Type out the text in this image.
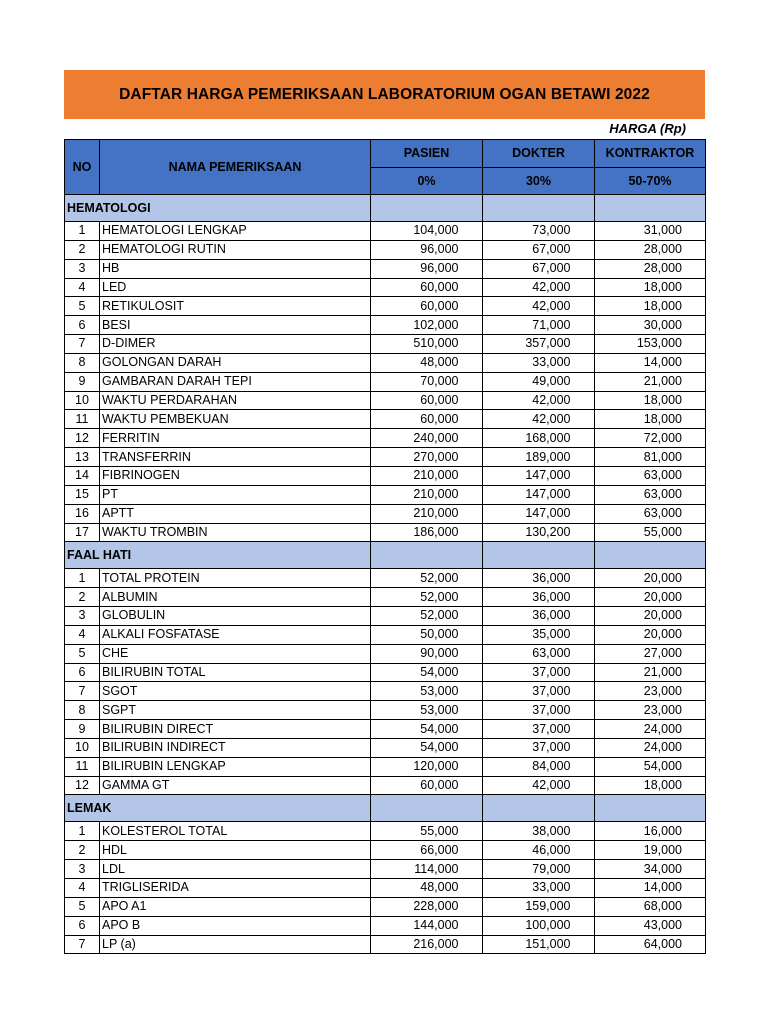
DAFTAR HARGA PEMERIKSAAN LABORATORIUM OGAN BETAWI 2022
HARGA (Rp)
NO	NAMA PEMERIKSAAN	PASIEN	DOKTER	KONTRAKTOR
		0%	30%	50-70%
HEMATOLOGI				
1	HEMATOLOGI LENGKAP	104,000	73,000	31,000
2	HEMATOLOGI RUTIN	96,000	67,000	28,000
3	HB	96,000	67,000	28,000
4	LED	60,000	42,000	18,000
5	RETIKULOSIT	60,000	42,000	18,000
6	BESI	102,000	71,000	30,000
7	D-DIMER	510,000	357,000	153,000
8	GOLONGAN DARAH	48,000	33,000	14,000
9	GAMBARAN DARAH TEPI	70,000	49,000	21,000
10	WAKTU PERDARAHAN	60,000	42,000	18,000
11	WAKTU PEMBEKUAN	60,000	42,000	18,000
12	FERRITIN	240,000	168,000	72,000
13	TRANSFERRIN	270,000	189,000	81,000
14	FIBRINOGEN	210,000	147,000	63,000
15	PT	210,000	147,000	63,000
16	APTT	210,000	147,000	63,000
17	WAKTU TROMBIN	186,000	130,200	55,000
FAAL HATI				
1	TOTAL PROTEIN	52,000	36,000	20,000
2	ALBUMIN	52,000	36,000	20,000
3	GLOBULIN	52,000	36,000	20,000
4	ALKALI FOSFATASE	50,000	35,000	20,000
5	CHE	90,000	63,000	27,000
6	BILIRUBIN TOTAL	54,000	37,000	21,000
7	SGOT	53,000	37,000	23,000
8	SGPT	53,000	37,000	23,000
9	BILIRUBIN DIRECT	54,000	37,000	24,000
10	BILIRUBIN INDIRECT	54,000	37,000	24,000
11	BILIRUBIN LENGKAP	120,000	84,000	54,000
12	GAMMA GT	60,000	42,000	18,000
LEMAK				
1	KOLESTEROL TOTAL	55,000	38,000	16,000
2	HDL	66,000	46,000	19,000
3	LDL	114,000	79,000	34,000
4	TRIGLISERIDA	48,000	33,000	14,000
5	APO A1	228,000	159,000	68,000
6	APO B	144,000	100,000	43,000
7	LP (a)	216,000	151,000	64,000
